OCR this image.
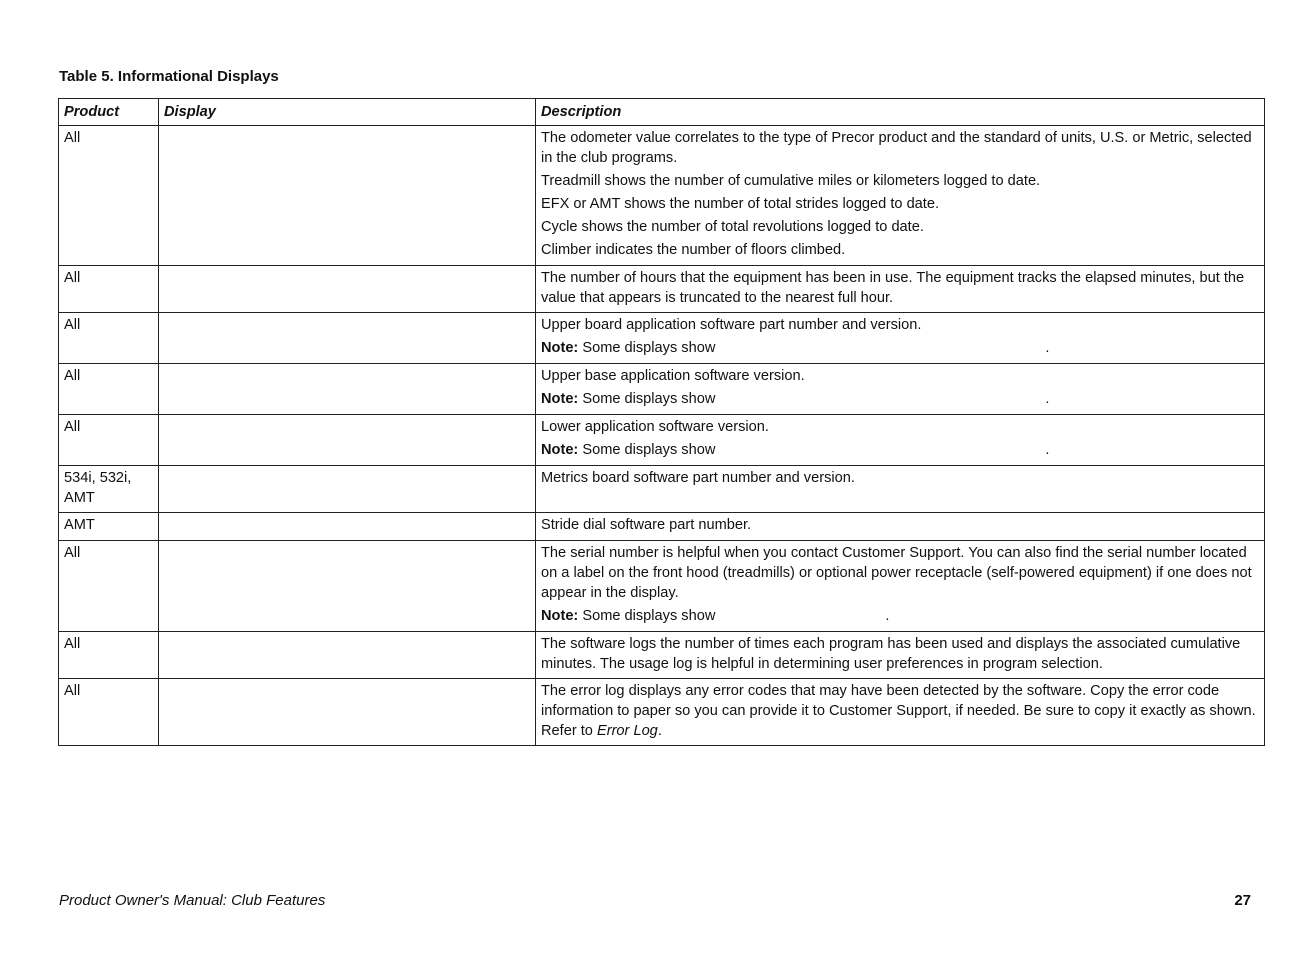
Table 5. Informational Displays
Product	Display	Description
All		The odometer value correlates to the type of Precor product and the standard of units, U.S. or Metric, selected in the club programs.

Treadmill shows the number of cumulative miles or kilometers logged to date.

EFX or AMT shows the number of total strides logged to date.

Cycle shows the number of total revolutions logged to date.

Climber indicates the number of floors climbed.

All		The number of hours that the equipment has been in use. The equipment tracks the elapsed minutes, but the value that appears is truncated to the nearest full hour.

All		Upper board application software part number and version.

Note: Some displays show .

All		Upper base application software version.

Note: Some displays show .

All		Lower application software version.

Note: Some displays show .

534i, 532i, AMT		Metrics board software part number and version.

AMT		Stride dial software part number.

All		The serial number is helpful when you contact Customer Support. You can also find the serial number located on a label on the front hood (treadmills) or optional power receptacle (self-powered equipment) if one does not appear in the display.

Note: Some displays show .

All		The software logs the number of times each program has been used and displays the associated cumulative minutes. The usage log is helpful in determining user preferences in program selection.

All		The error log displays any error codes that may have been detected by the software. Copy the error code information to paper so you can provide it to Customer Support, if needed. Be sure to copy it exactly as shown. Refer to Error Log.

Product Owner's Manual: Club Features	27
